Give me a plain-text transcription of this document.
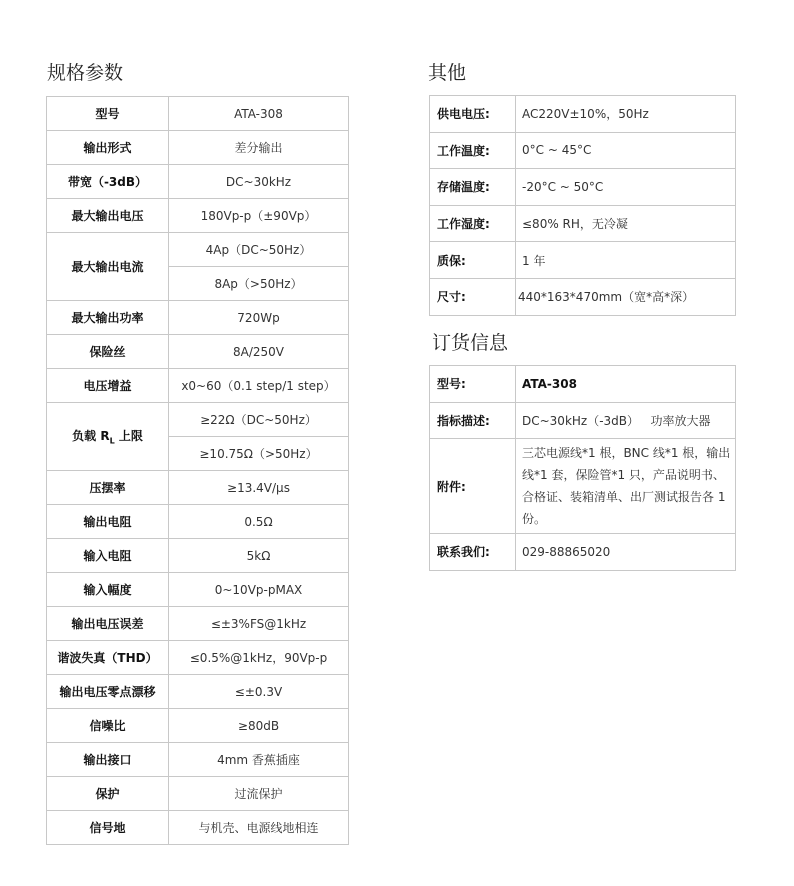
规格参数
型号	ATA-308
输出形式	差分输出
带宽（-3dB）	DC~30kHz
最大输出电压	180Vp-p（±90Vp）
最大输出电流	4Ap（DC~50Hz）
	8Ap（>50Hz）
最大输出功率	720Wp
保险丝	8A/250V
电压增益	x0~60（0.1 step/1 step）
负载 $R_L$ 上限	≥22Ω（DC~50Hz）
	≥10.75Ω（>50Hz）
压摆率	≥13.4V/μs
输出电阻	0.5Ω
输入电阻	5kΩ
输入幅度	0~10Vp-pMAX
输出电压误差	≤±3%FS@1kHz
谐波失真（THD）	≤0.5%@1kHz，90Vp-p
输出电压零点漂移	≤±0.3V
信噪比	≥80dB
输出接口	4mm 香蕉插座
保护	过流保护
信号地	与机壳、电源线地相连
其他
供电电压:	AC220V±10%，50Hz
工作温度:	0°C ~ 45°C
存储温度:	-20°C ~ 50°C
工作湿度:	≤80% RH，无冷凝
质保:	1 年
尺寸:	440*163*470mm（宽*高*深）
订货信息
型号:	ATA-308
指标描述:	DC~30kHz（-3dB）   功率放大器
附件:	三芯电源线*1 根，BNC 线*1 根，输出线*1 套，保险管*1 只，产品说明书、合格证、装箱清单、出厂测试报告各 1 份。
联系我们:	029-88865020
